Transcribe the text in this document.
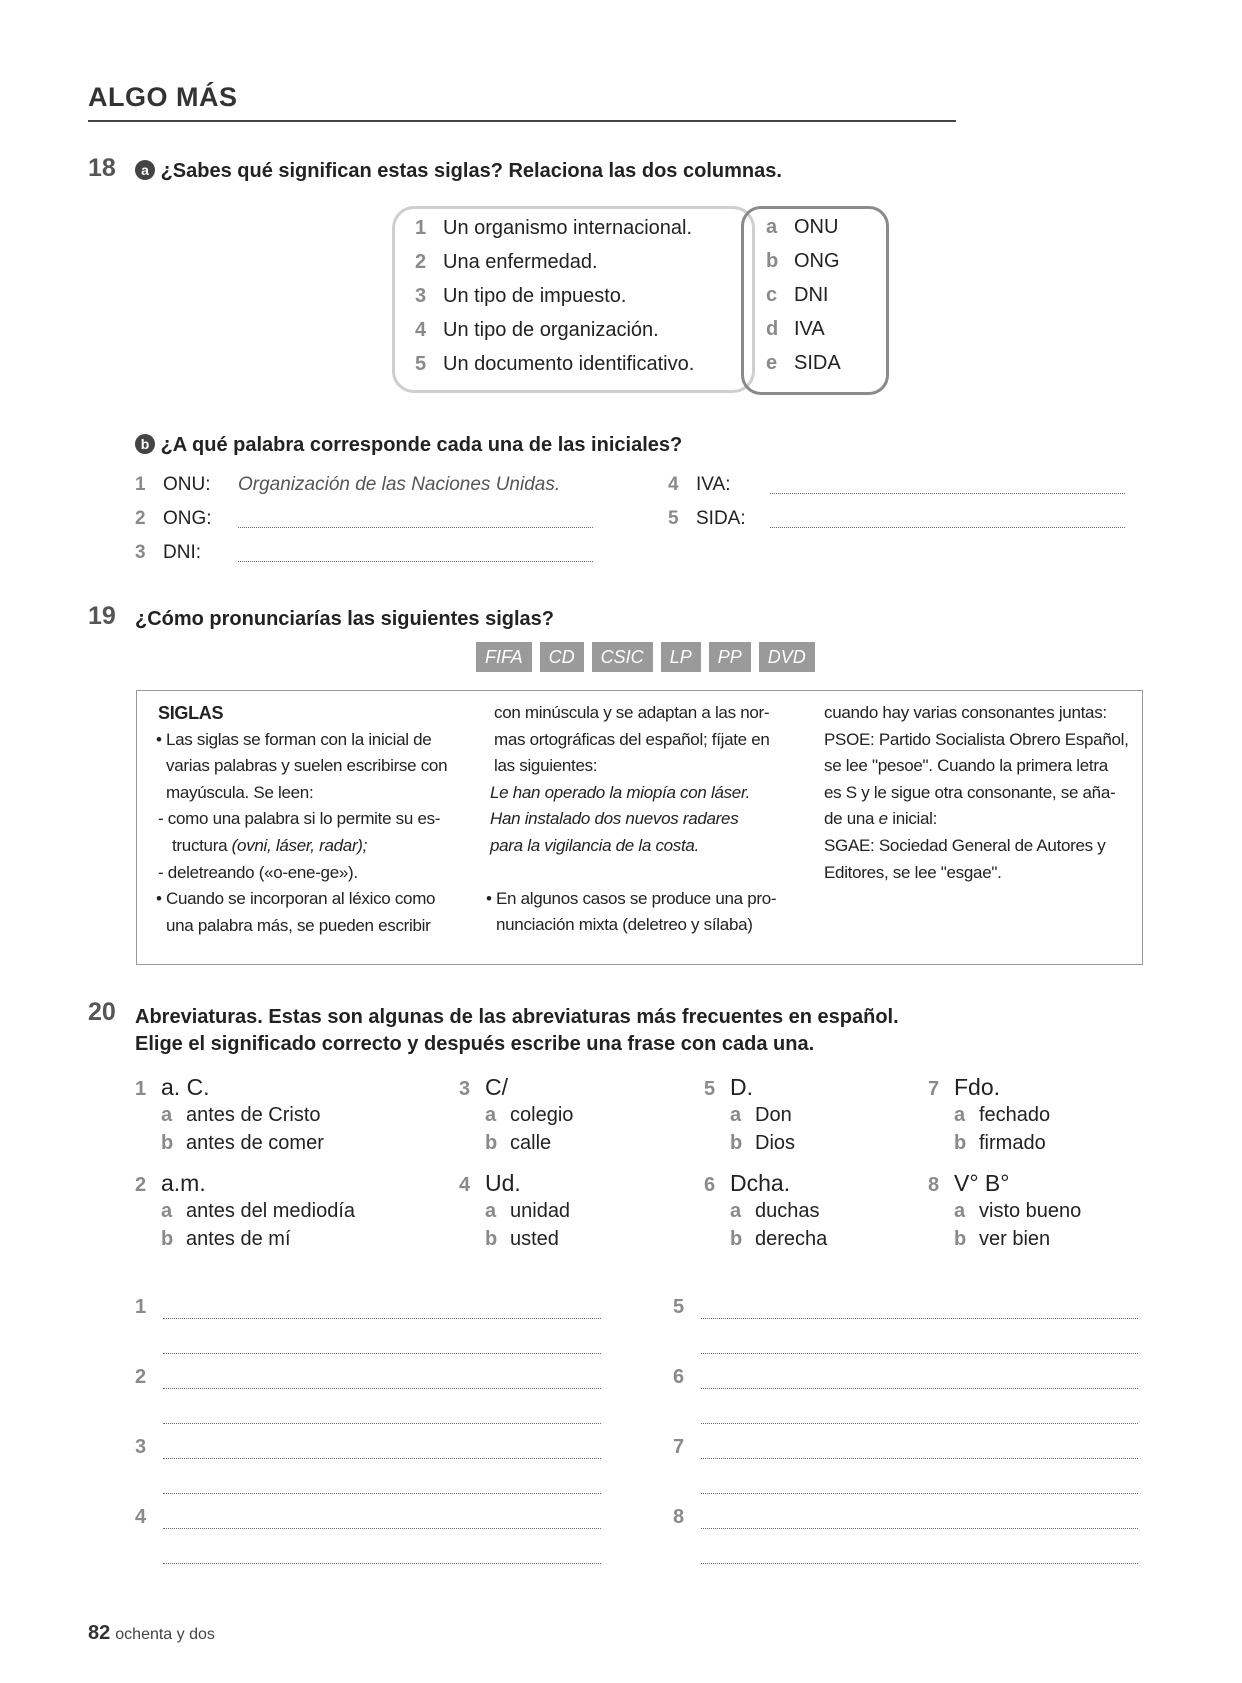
ALGO MÁS
18	a ¿Sabes qué significan estas siglas? Relaciona las dos columnas.
1 Un organismo internacional.
2 Una enfermedad.
3 Un tipo de impuesto.
4 Un tipo de organización.
5 Un documento identificativo.
a ONU
b ONG
c DNI
d IVA
e SIDA
b ¿A qué palabra corresponde cada una de las iniciales?
1 ONU: Organización de las Naciones Unidas.
2 ONG:
3 DNI:
4 IVA:
5 SIDA:
19 ¿Cómo pronunciarías las siguientes siglas?
FIFA CD CSIC LP PP DVD
SIGLAS
• Las siglas se forman con la inicial de
varias palabras y suelen escribirse con
mayúscula. Se leen:
- como una palabra si lo permite su es-
tructura (ovni, láser, radar);
- deletreando («o-ene-ge»).
• Cuando se incorporan al léxico como
una palabra más, se pueden escribir
con minúscula y se adaptan a las nor-
mas ortográficas del español; fíjate en
las siguientes:
Le han operado la miopía con láser.
Han instalado dos nuevos radares
para la vigilancia de la costa.
• En algunos casos se produce una pro-
nunciación mixta (deletreo y sílaba)
cuando hay varias consonantes juntas:
PSOE: Partido Socialista Obrero Español,
se lee "pesoe". Cuando la primera letra
es S y le sigue otra consonante, se aña-
de una e inicial:
SGAE: Sociedad General de Autores y
Editores, se lee "esgae".
20 Abreviaturas. Estas son algunas de las abreviaturas más frecuentes en español.
Elige el significado correcto y después escribe una frase con cada una.
1 a. C.
a antes de Cristo
b antes de comer
2 a.m.
a antes del mediodía
b antes de mí
3 C/
a colegio
b calle
4 Ud.
a unidad
b usted
5 D.
a Don
b Dios
6 Dcha.
a duchas
b derecha
7 Fdo.
a fechado
b firmado
8 V° B°
a visto bueno
b ver bien
1
2
3
4
5
6
7
8
82 ochenta y dos
